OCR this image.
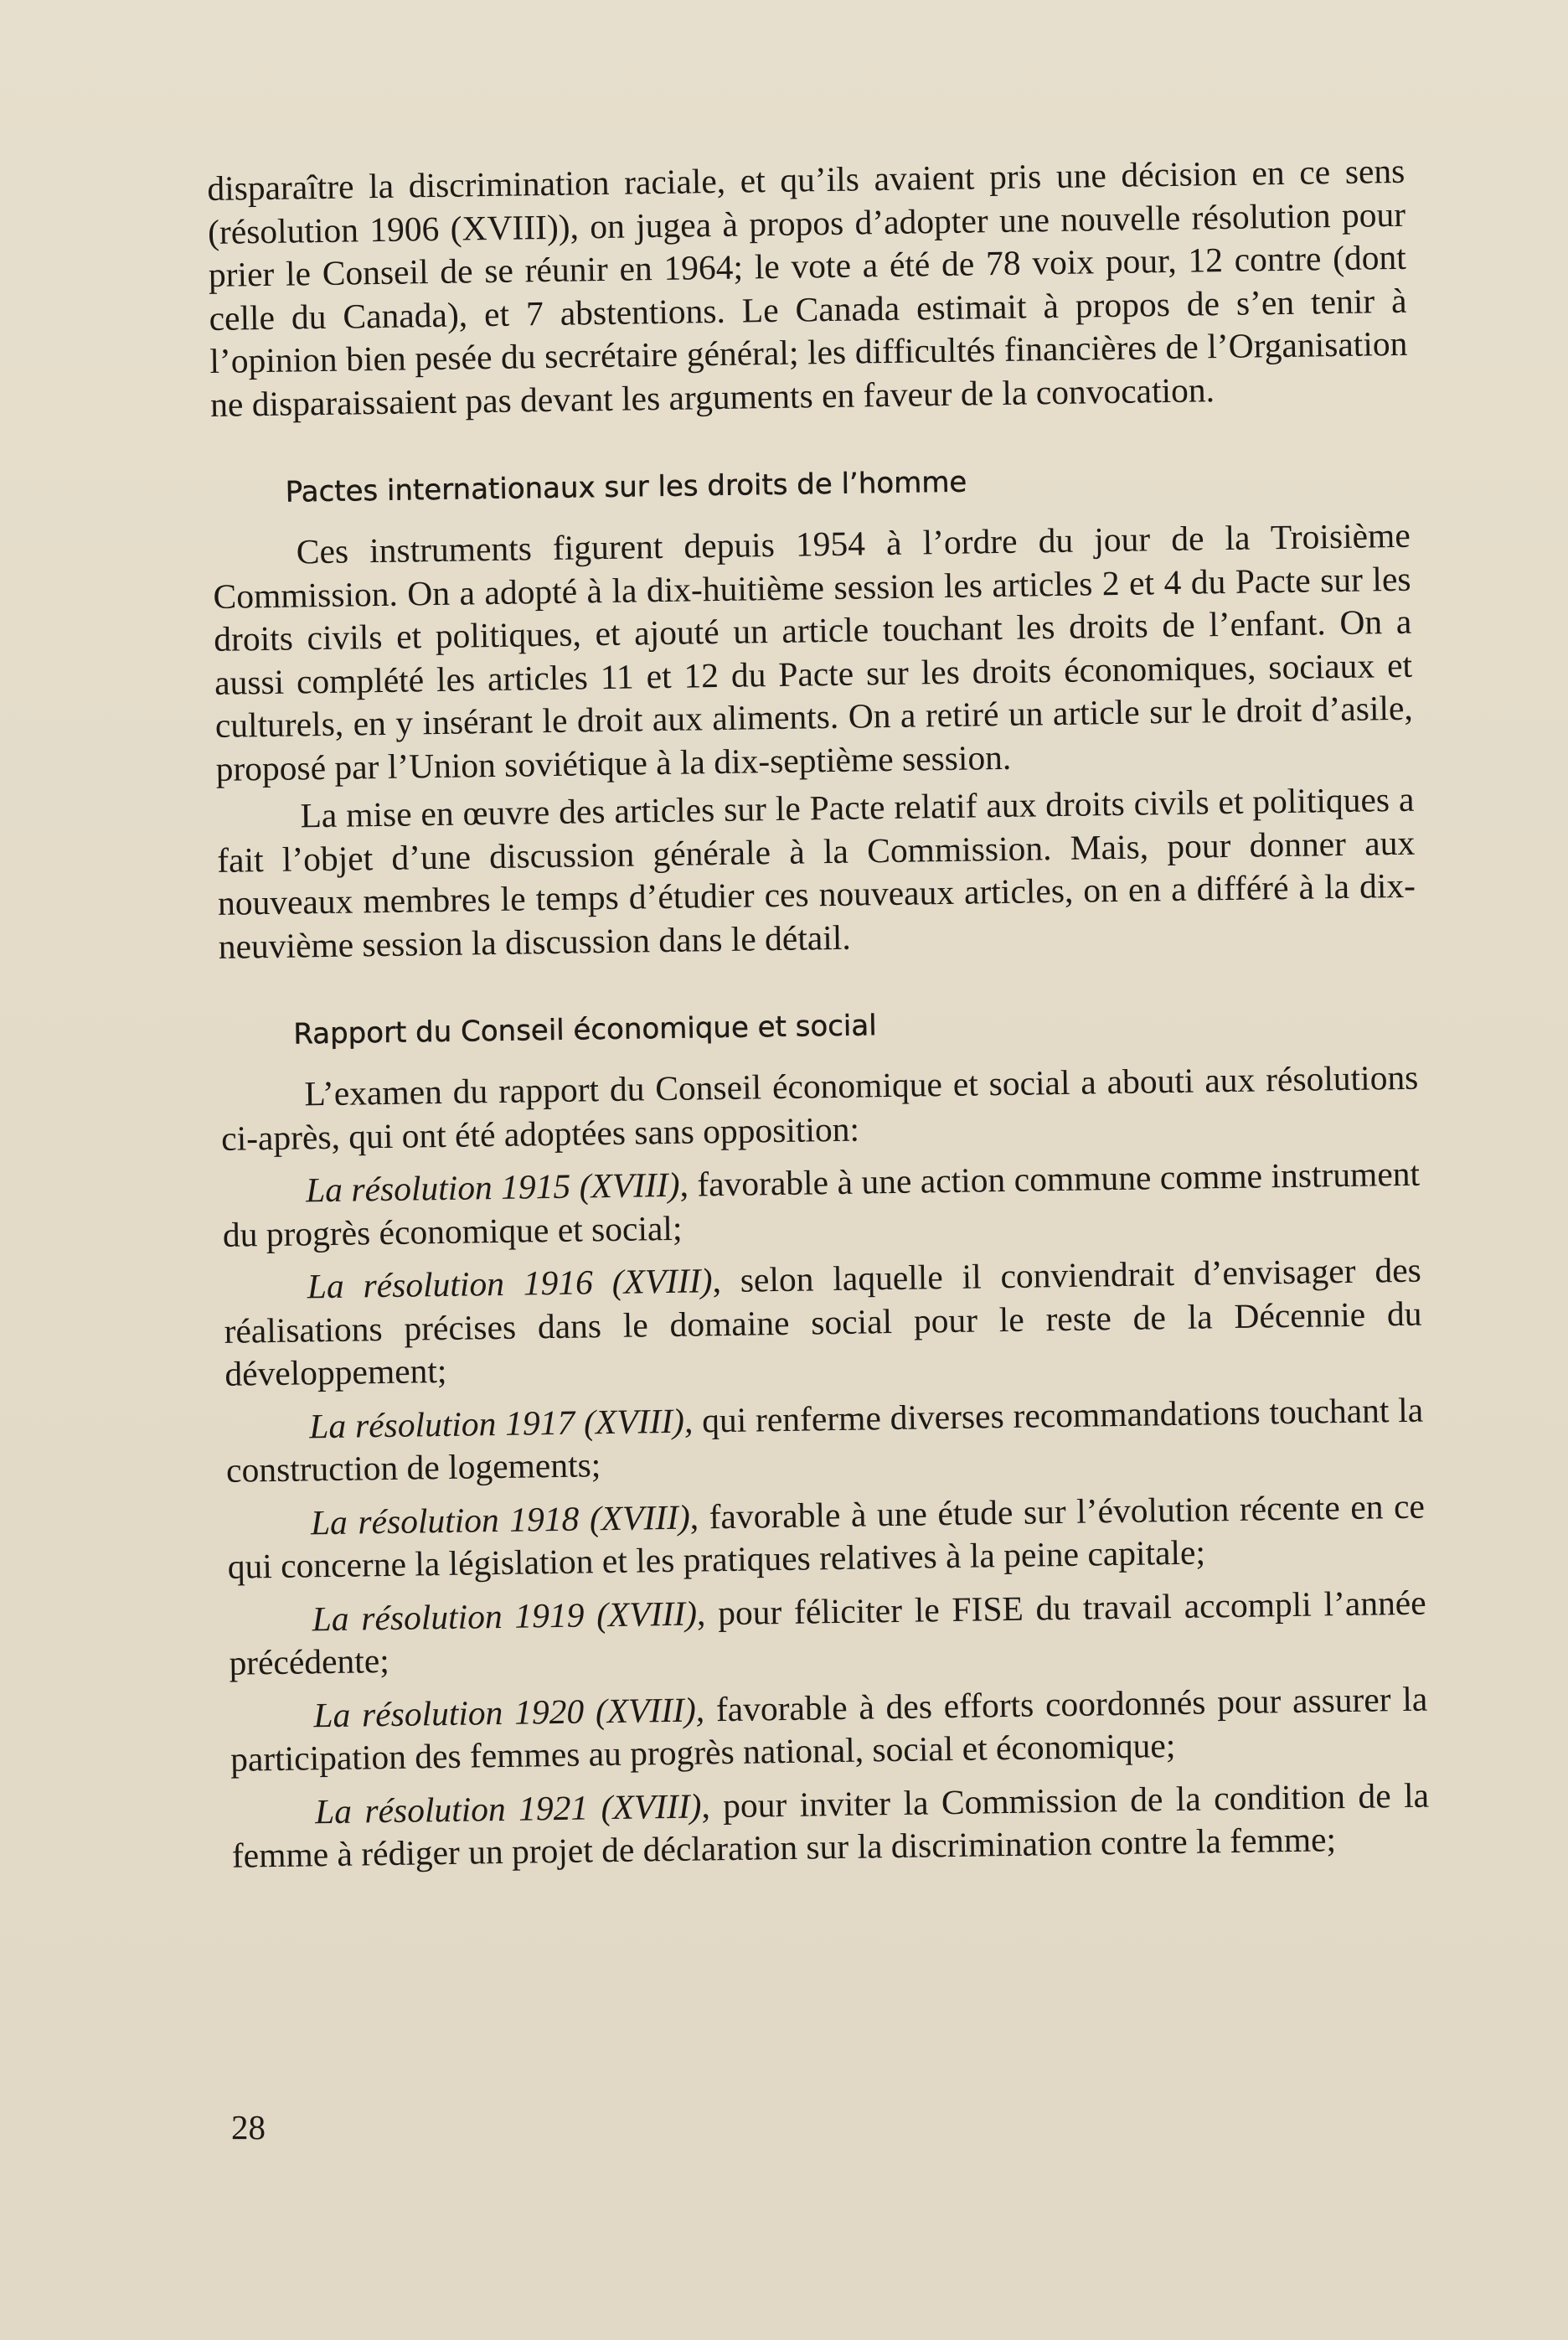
disparaître la discrimination raciale, et qu’ils avaient pris une décision en ce sens (résolution 1906 (XVIII)), on jugea à propos d’adopter une nouvelle résolution pour prier le Conseil de se réunir en 1964; le vote a été de 78 voix pour, 12 contre (dont celle du Canada), et 7 abstentions. Le Canada estimait à propos de s’en tenir à l’opinion bien pesée du secrétaire général; les difficultés financières de l’Organisation ne disparaissaient pas devant les arguments en faveur de la convocation.

Pactes internationaux sur les droits de l’homme

Ces instruments figurent depuis 1954 à l’ordre du jour de la Troisième Commission. On a adopté à la dix-huitième session les articles 2 et 4 du Pacte sur les droits civils et politiques, et ajouté un article touchant les droits de l’enfant. On a aussi complété les articles 11 et 12 du Pacte sur les droits économiques, sociaux et culturels, en y insérant le droit aux aliments. On a retiré un article sur le droit d’asile, proposé par l’Union soviétique à la dix-septième session.

La mise en œuvre des articles sur le Pacte relatif aux droits civils et politiques a fait l’objet d’une discussion générale à la Commission. Mais, pour donner aux nouveaux membres le temps d’étudier ces nouveaux articles, on en a différé à la dix-neuvième session la discussion dans le détail.

Rapport du Conseil économique et social

L’examen du rapport du Conseil économique et social a abouti aux résolutions ci-après, qui ont été adoptées sans opposition:

La résolution 1915 (XVIII), favorable à une action commune comme instrument du progrès économique et social;
La résolution 1916 (XVIII), selon laquelle il conviendrait d’envisager des réalisations précises dans le domaine social pour le reste de la Décennie du développement;
La résolution 1917 (XVIII), qui renferme diverses recommandations touchant la construction de logements;
La résolution 1918 (XVIII), favorable à une étude sur l’évolution récente en ce qui concerne la législation et les pratiques relatives à la peine capitale;
La résolution 1919 (XVIII), pour féliciter le FISE du travail accompli l’année précédente;
La résolution 1920 (XVIII), favorable à des efforts coordonnés pour assurer la participation des femmes au progrès national, social et économique;
La résolution 1921 (XVIII), pour inviter la Commission de la condition de la femme à rédiger un projet de déclaration sur la discrimination contre la femme;
28
